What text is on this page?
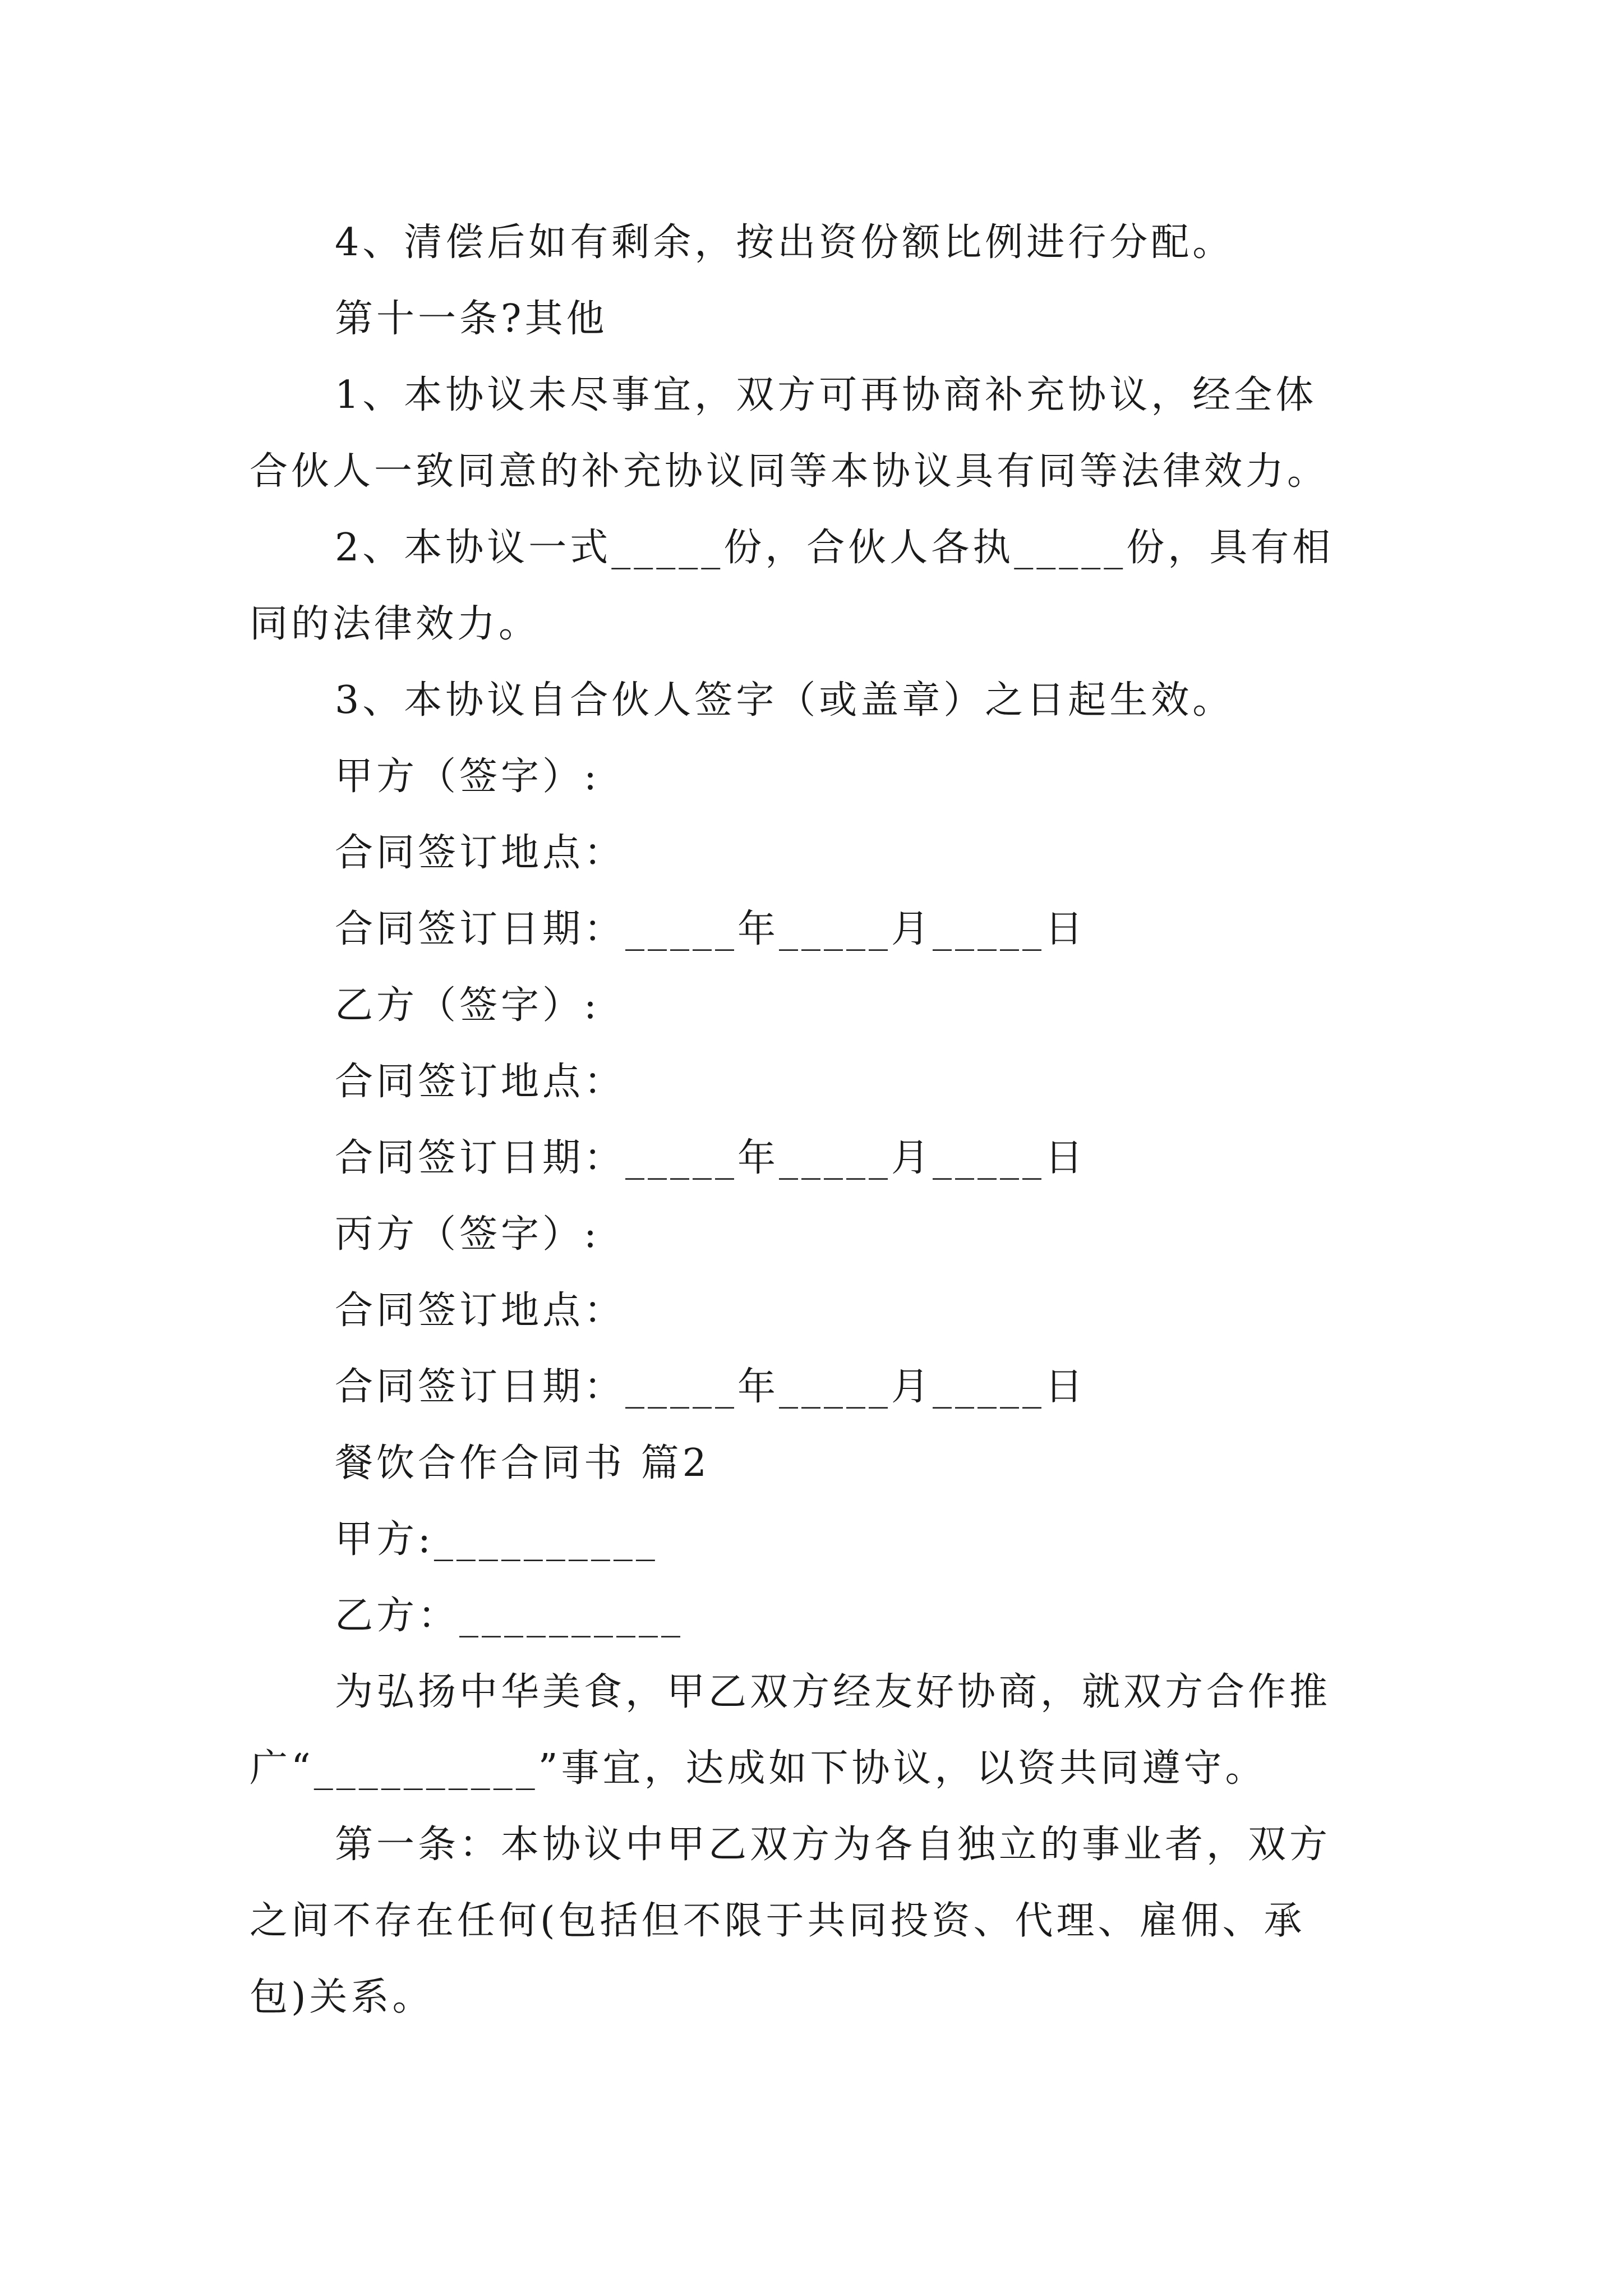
4、清偿后如有剩余，按出资份额比例进行分配。
第十一条?其他
1、本协议未尽事宜，双方可再协商补充协议，经全体
合伙人一致同意的补充协议同等本协议具有同等法律效力。
2、本协议一式_____份，合伙人各执_____份，具有相
同的法律效力。
3、本协议自合伙人签字（或盖章）之日起生效。
甲方（签字）:
合同签订地点：
合同签订日期：_____年_____月_____日
乙方（签字）:
合同签订地点：
合同签订日期：_____年_____月_____日
丙方（签字）:
合同签订地点：
合同签订日期：_____年_____月_____日
餐饮合作合同书 篇2
甲方:__________
乙方：__________
为弘扬中华美食，甲乙双方经友好协商，就双方合作推
广“__________”事宜，达成如下协议，以资共同遵守。
第一条：本协议中甲乙双方为各自独立的事业者，双方
之间不存在任何(包括但不限于共同投资、代理、雇佣、承
包)关系。
